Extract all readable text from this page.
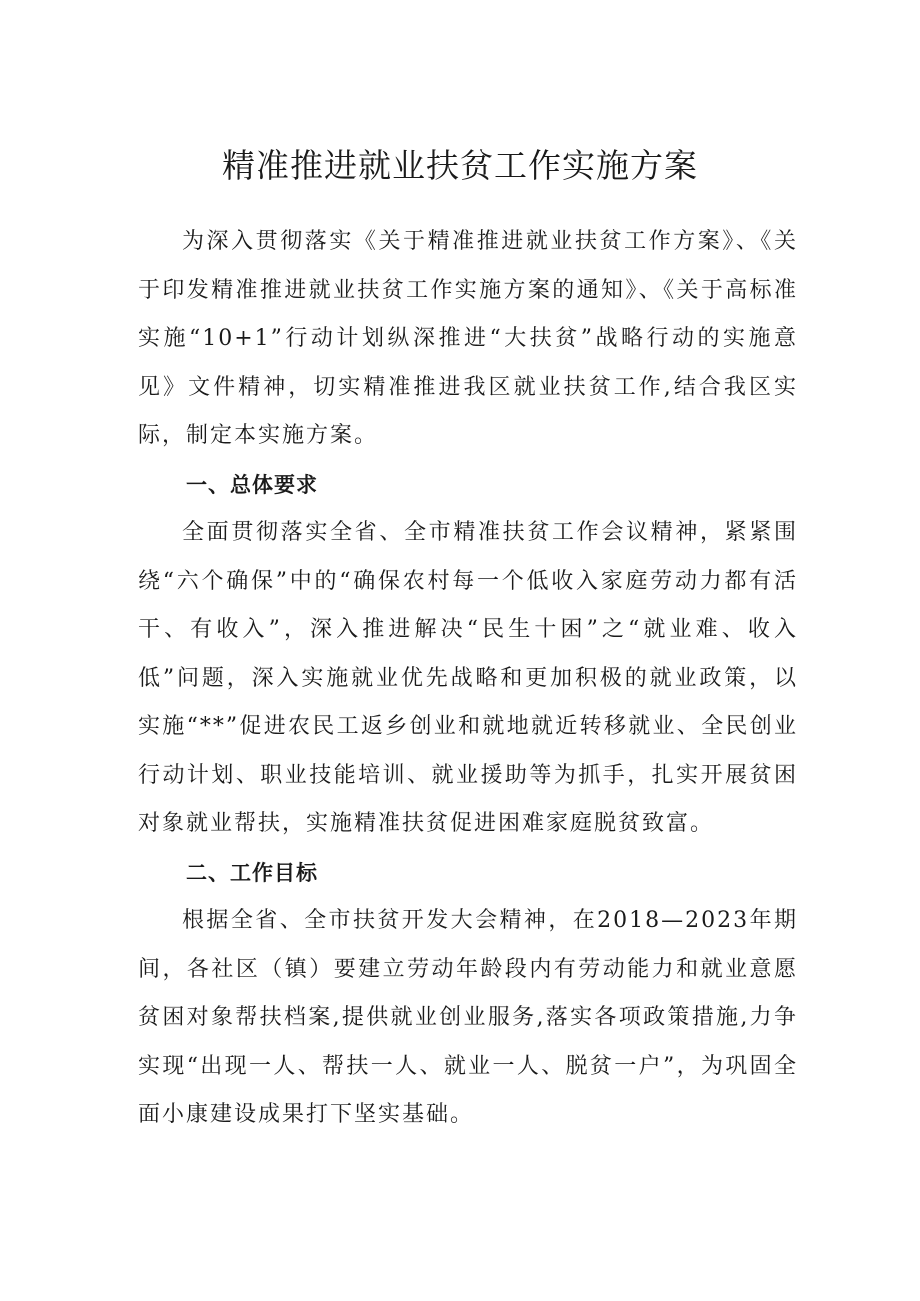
精准推进就业扶贫工作实施方案

为深入贯彻落实《关于精准推进就业扶贫工作方案》、《关于印发精准推进就业扶贫工作实施方案的通知》、《关于高标准实施“10+1”行动计划纵深推进“大扶贫”战略行动的实施意见》文件精神，切实精准推进我区就业扶贫工作,结合我区实际，制定本实施方案。

一、总体要求

全面贯彻落实全省、全市精准扶贫工作会议精神，紧紧围绕“六个确保”中的“确保农村每一个低收入家庭劳动力都有活干、有收入”，深入推进解决“民生十困”之“就业难、收入低”问题，深入实施就业优先战略和更加积极的就业政策，以实施“**”促进农民工返乡创业和就地就近转移就业、全民创业行动计划、职业技能培训、就业援助等为抓手，扎实开展贫困对象就业帮扶，实施精准扶贫促进困难家庭脱贫致富。

二、工作目标

根据全省、全市扶贫开发大会精神，在2018—2023年期间，各社区（镇）要建立劳动年龄段内有劳动能力和就业意愿贫困对象帮扶档案,提供就业创业服务,落实各项政策措施,力争实现“出现一人、帮扶一人、就业一人、脱贫一户”，为巩固全面小康建设成果打下坚实基础。
